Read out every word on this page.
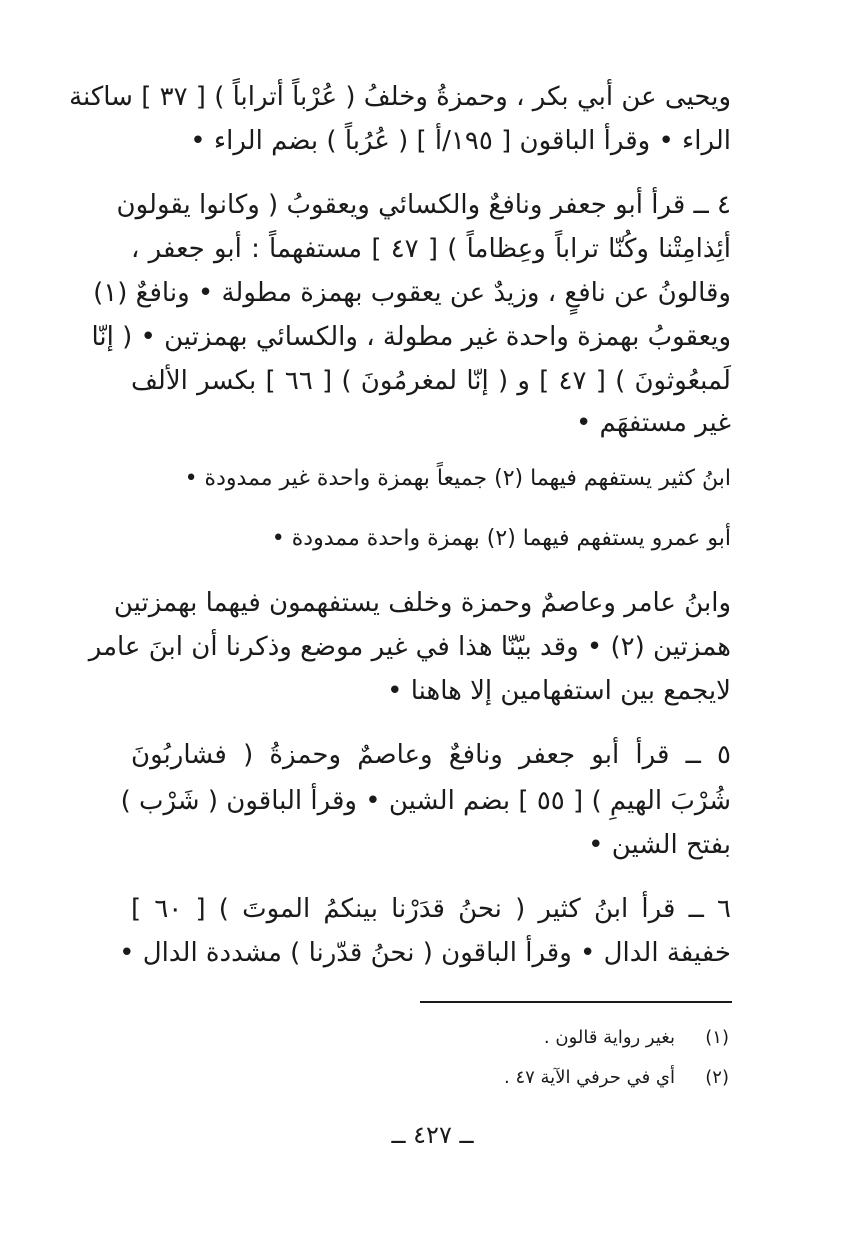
ويحيى عن أبي بكر ، وحمزةُ وخلفُ ( عُرْباً أتراباً ) [ ٣٧ ] ساكنة
الراء • وقرأ الباقون [ ١٩٥/أ ] ( عُرُباً ) بضم الراء •
٤ ــ قرأ أبو جعفر ونافعٌ والكسائي ويعقوبُ ( وكانوا يقولون
أئِذامِتْنا وكُنّا تراباً وعِظاماً ) [ ٤٧ ] مستفهماً : أبو جعفر ،
وقالونُ عن نافعٍ ، وزيدٌ عن يعقوب بهمزة مطولة • ونافعٌ (١)
ويعقوبُ بهمزة واحدة غير مطولة ، والكسائي بهمزتين • ( إنّا
لَمبعُوثونَ ) [ ٤٧ ] و ( إنّا لمغرمُونَ ) [ ٦٦ ] بكسر الألف
غير مستفهَم •
ابنُ كثير يستفهم فيهما (٢) جميعاً بهمزة واحدة غير ممدودة •
أبو عمرو يستفهم فيهما (٢) بهمزة واحدة ممدودة •
وابنُ عامر وعاصمٌ وحمزة وخلف يستفهمون فيهما بهمزتين
همزتين (٢) • وقد بيّنّا هذا في غير موضع وذكرنا أن ابنَ عامر
لايجمع بين استفهامين إلا هاهنا •
٥ ــ قرأ أبو جعفر ونافعٌ وعاصمٌ وحمزةُ ( فشاربُونَ
شُرْبَ الهيمِ ) [ ٥٥ ] بضم الشين • وقرأ الباقون ( شَرْب )
بفتح الشين •
٦ ــ قرأ ابنُ كثير ( نحنُ قدَرْنا بينكمُ الموتَ ) [ ٦٠ ]
خفيفة الدال • وقرأ الباقون ( نحنُ قدّرنا ) مشددة الدال •
(١)بغير رواية قالون .
(٢)أي في حرفي الآية ٤٧ .
ــ ٤٢٧ ــ
